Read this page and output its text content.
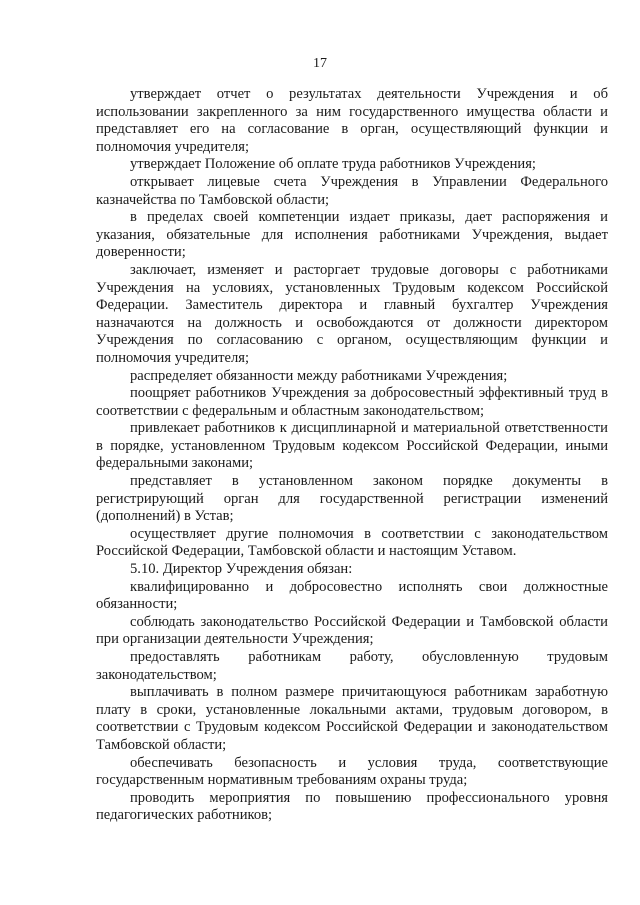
17

утверждает отчет о результатах деятельности Учреждения и об использовании закрепленного за ним государственного имущества области и представляет его на согласование в орган, осуществляющий функции и полномочия учредителя;

утверждает Положение об оплате труда работников Учреждения;

открывает лицевые счета Учреждения в Управлении Федерального казначейства по Тамбовской области;

в пределах своей компетенции издает приказы, дает распоряжения и указания, обязательные для исполнения работниками Учреждения, выдает доверенности;

заключает, изменяет и расторгает трудовые договоры с работниками Учреждения на условиях, установленных Трудовым кодексом Российской Федерации. Заместитель директора и главный бухгалтер Учреждения назначаются на должность и освобождаются от должности директором Учреждения по согласованию с органом, осуществляющим функции и полномочия учредителя;

распределяет обязанности между работниками Учреждения;

поощряет работников Учреждения за добросовестный эффективный труд в соответствии с федеральным и областным законодательством;

привлекает работников к дисциплинарной и материальной ответственности в порядке, установленном Трудовым кодексом Российской Федерации, иными федеральными законами;

представляет в установленном законом порядке документы в регистрирующий орган для государственной регистрации изменений (дополнений) в Устав;

осуществляет другие полномочия в соответствии с законодательством Российской Федерации, Тамбовской области и настоящим Уставом.

5.10. Директор Учреждения обязан:

квалифицированно и добросовестно исполнять свои должностные обязанности;

соблюдать законодательство Российской Федерации и Тамбовской области при организации деятельности Учреждения;

предоставлять работникам работу, обусловленную трудовым законодательством;

выплачивать в полном размере причитающуюся работникам заработную плату в сроки, установленные локальными актами, трудовым договором, в соответствии с Трудовым кодексом Российской Федерации и законодательством Тамбовской области;

обеспечивать безопасность и условия труда, соответствующие государственным нормативным требованиям охраны труда;

проводить мероприятия по повышению профессионального уровня педагогических работников;
